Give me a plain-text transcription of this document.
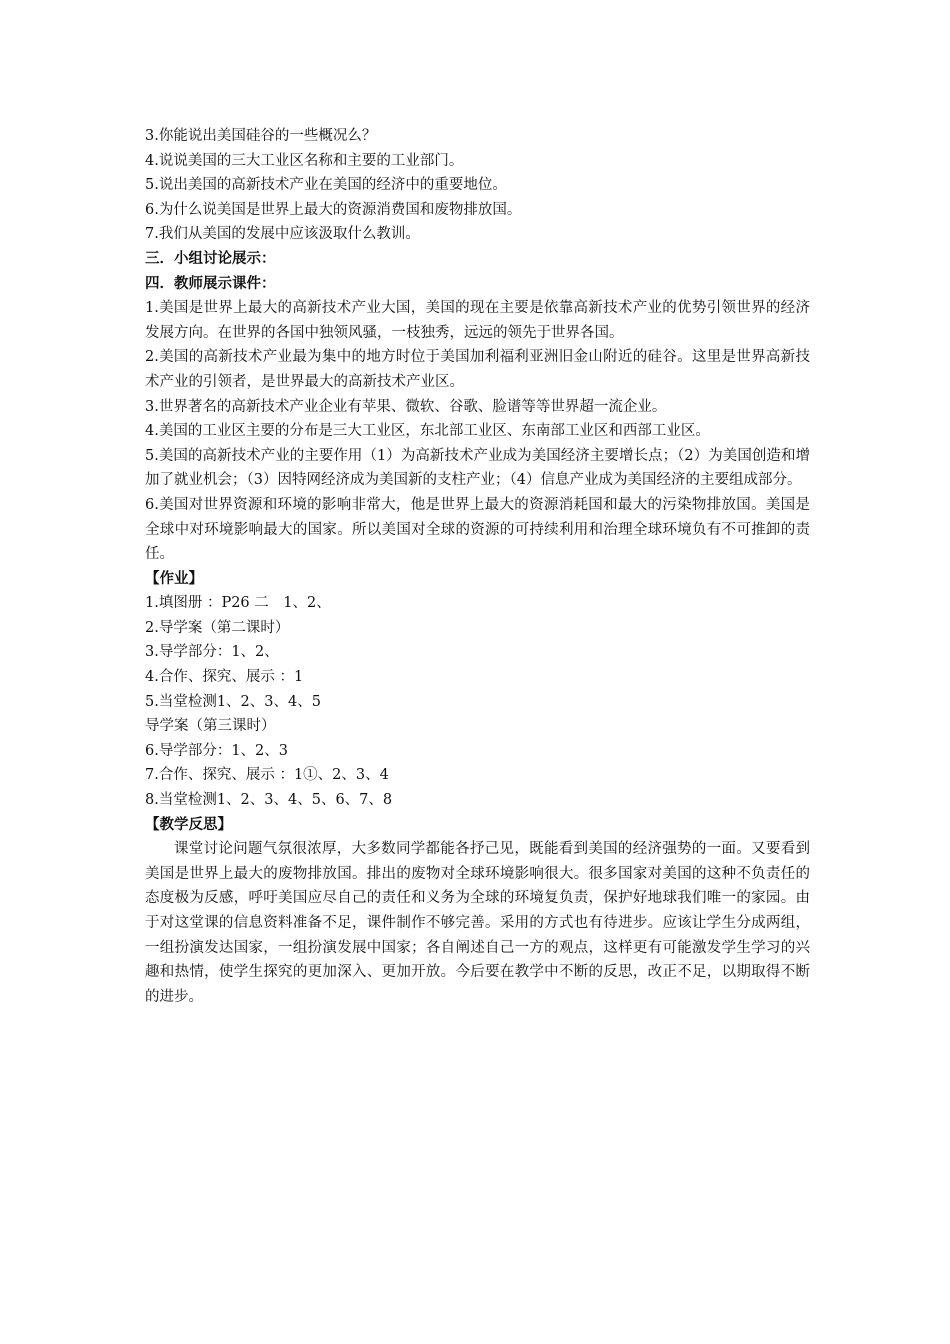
3.你能说出美国硅谷的一些概况么？

4.说说美国的三大工业区名称和主要的工业部门。

5.说出美国的高新技术产业在美国的经济中的重要地位。

6.为什么说美国是世界上最大的资源消费国和废物排放国。

7.我们从美国的发展中应该汲取什么教训。

三．小组讨论展示：

四．教师展示课件：

1.美国是世界上最大的高新技术产业大国，美国的现在主要是依靠高新技术产业的优势引领世界的经济发展方向。在世界的各国中独领风骚，一枝独秀，远远的领先于世界各国。

2.美国的高新技术产业最为集中的地方时位于美国加利福利亚洲旧金山附近的硅谷。这里是世界高新技术产业的引领者，是世界最大的高新技术产业区。

3.世界著名的高新技术产业企业有苹果、微软、谷歌、脸谱等等世界超一流企业。

4.美国的工业区主要的分布是三大工业区，东北部工业区、东南部工业区和西部工业区。

5.美国的高新技术产业的主要作用（1）为高新技术产业成为美国经济主要增长点；（2）为美国创造和增加了就业机会；（3）因特网经济成为美国新的支柱产业；（4）信息产业成为美国经济的主要组成部分。

6.美国对世界资源和环境的影响非常大，他是世界上最大的资源消耗国和最大的污染物排放国。美国是全球中对环境影响最大的国家。所以美国对全球的资源的可持续利用和治理全球环境负有不可推卸的责任。

【作业】

1.填图册 ：P26 二　1、2、

2.导学案（第二课时）

3.导学部分：1、2、

4.合作、探究、展示 ：1

5.当堂检测1、2、3、4、5

导学案（第三课时）

6.导学部分：1、2、3

7.合作、探究、展示 ：1①、2、3、4

8.当堂检测1、2、3、4、5、6、7、8

【教学反思】

课堂讨论问题气氛很浓厚，大多数同学都能各抒己见，既能看到美国的经济强势的一面。又要看到美国是世界上最大的废物排放国。排出的废物对全球环境影响很大。很多国家对美国的这种不负责任的态度极为反感，呼吁美国应尽自己的责任和义务为全球的环境复负责，保护好地球我们唯一的家园。由于对这堂课的信息资料准备不足，课件制作不够完善。采用的方式也有待进步。应该让学生分成两组，一组扮演发达国家，一组扮演发展中国家；各自阐述自己一方的观点，这样更有可能激发学生学习的兴趣和热情，使学生探究的更加深入、更加开放。今后要在教学中不断的反思，改正不足，以期取得不断的进步。
